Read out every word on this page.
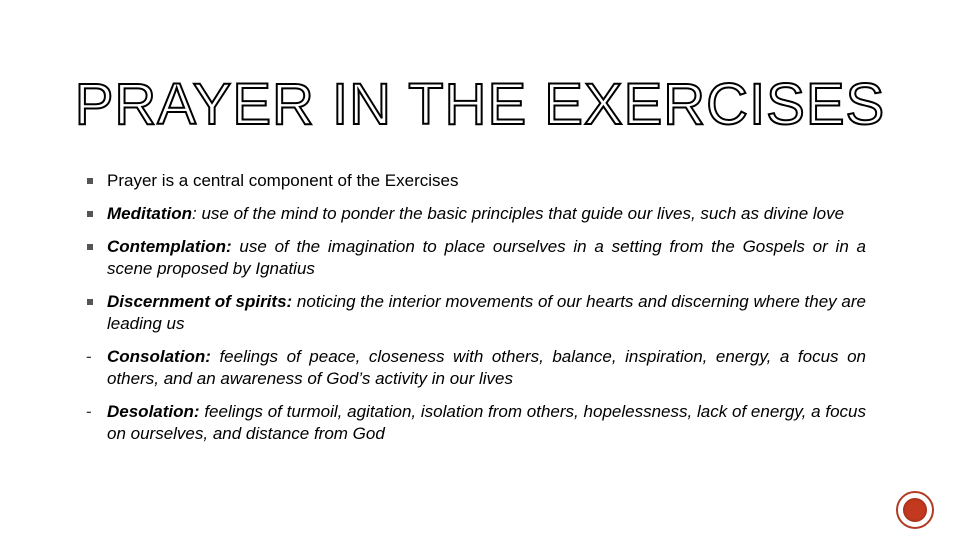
PRAYER IN THE EXERCISES
Prayer is a central component of the Exercises
Meditation: use of the mind to ponder the basic principles that guide our lives, such as divine love
Contemplation: use of the imagination to place ourselves in a setting from the Gospels or in a scene proposed by Ignatius
Discernment of spirits: noticing the interior movements of our hearts and discerning where they are leading us
- Consolation: feelings of peace, closeness with others, balance, inspiration, energy, a focus on others, and an awareness of God’s activity in our lives
- Desolation: feelings of turmoil, agitation, isolation from others, hopelessness, lack of energy, a focus on ourselves, and distance from God
